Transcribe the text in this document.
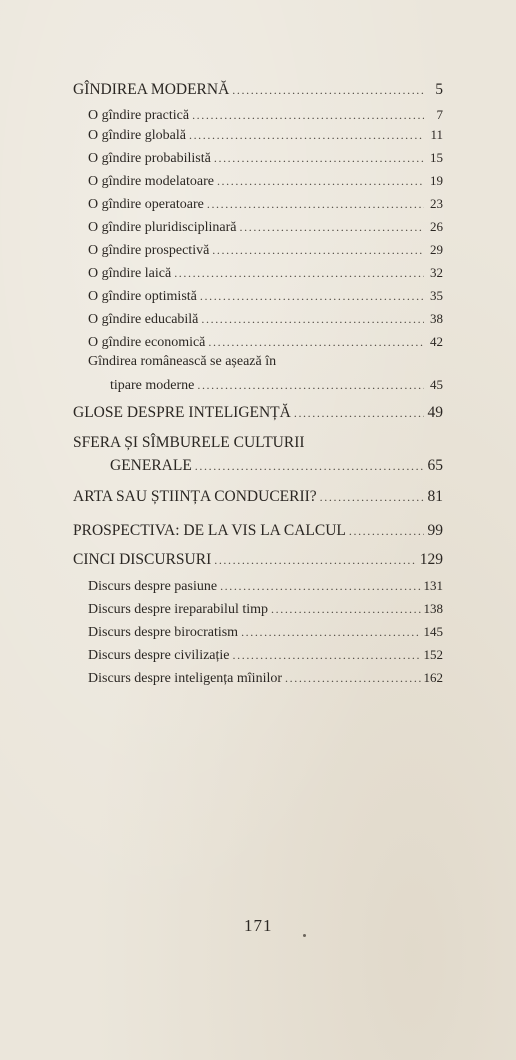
GÎNDIREA MODERNĂ .....	5
O gîndire practică .....	7
O gîndire globală .....	11
O gîndire probabilistă .....	15
O gîndire modelatoare .....	19
O gîndire operatoare .....	23
O gîndire pluridisciplinară .....	26
O gîndire prospectivă .....	29
O gîndire laică .....	32
O gîndire optimistă .....	35
O gîndire educabilă .....	38
O gîndire economică .....	42
Gîndirea românească se așează în
tipare moderne .....	45
GLOSE DESPRE INTELIGENȚĂ .....	49
SFERA ȘI SÎMBURELE CULTURII
GENERALE .....	65
ARTA SAU ȘTIINȚA CONDUCERII? .....	81
PROSPECTIVA: DE LA VIS LA CALCUL .....	99
CINCI DISCURSURI .....	129
Discurs despre pasiune .....	131
Discurs despre ireparabilul timp .....	138
Discurs despre birocratism .....	145
Discurs despre civilizație .....	152
Discurs despre inteligența mîinilor .....	162
171
